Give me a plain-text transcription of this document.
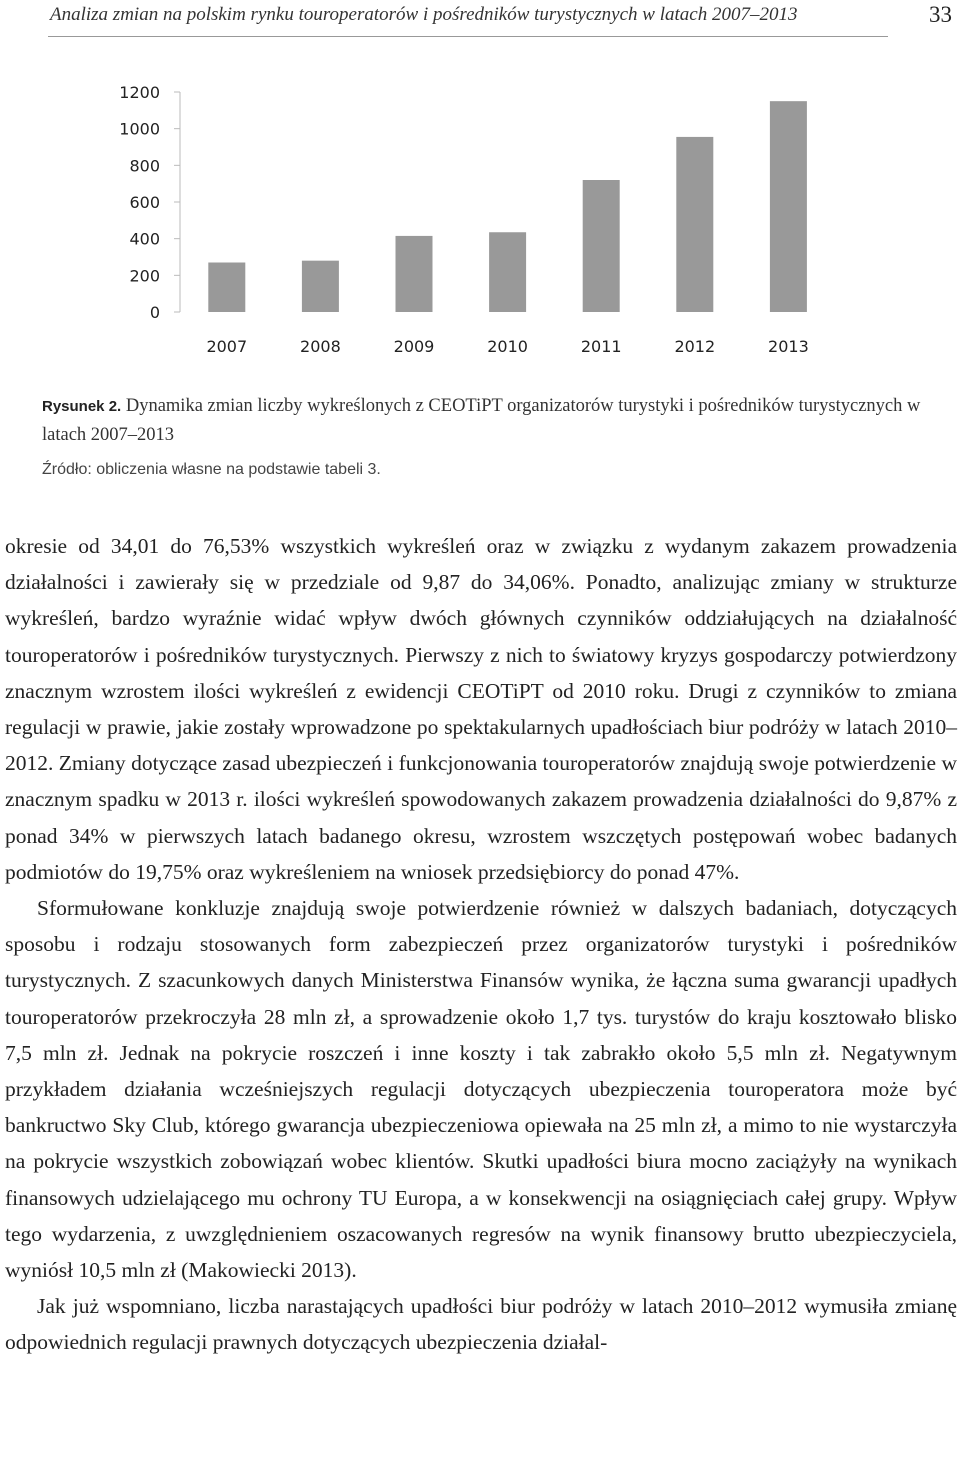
Analiza zmian na polskim rynku touroperatorów i pośredników turystycznych w latach 2007–2013	33
0
200
400
600
800
1000
1200
2007	2008	2009	2010	2011	2012	2013
Rysunek 2. Dynamika zmian liczby wykreślonych z CEOTiPT organizatorów turystyki i pośredników turystycznych w latach 2007–2013
Źródło: obliczenia własne na podstawie tabeli 3.

okresie od 34,01 do 76,53% wszystkich wykreśleń oraz w związku z wydanym zakazem prowadzenia działalności i zawierały się w przedziale od 9,87 do 34,06%. Ponadto, analizując zmiany w strukturze wykreśleń, bardzo wyraźnie widać wpływ dwóch głównych czynników oddziałujących na działalność touroperatorów i pośredników turystycznych. Pierwszy z nich to światowy kryzys gospodarczy potwierdzony znacznym wzrostem ilości wykreśleń z ewidencji CEOTiPT od 2010 roku. Drugi z czynników to zmiana regulacji w prawie, jakie zostały wprowadzone po spektakularnych upadłościach biur podróży w latach 2010–2012. Zmiany dotyczące zasad ubezpieczeń i funkcjonowania touroperatorów znajdują swoje potwierdzenie w znacznym spadku w 2013 r. ilości wykreśleń spowodowanych zakazem prowadzenia działalności do 9,87% z ponad 34% w pierwszych latach badanego okresu, wzrostem wszczętych postępowań wobec badanych podmiotów do 19,75% oraz wykreśleniem na wniosek przedsiębiorcy do ponad 47%.

Sformułowane konkluzje znajdują swoje potwierdzenie również w dalszych badaniach, dotyczących sposobu i rodzaju stosowanych form zabezpieczeń przez organizatorów turystyki i pośredników turystycznych. Z szacunkowych danych Ministerstwa Finansów wynika, że łączna suma gwarancji upadłych touroperatorów przekroczyła 28 mln zł, a sprowadzenie około 1,7 tys. turystów do kraju kosztowało blisko 7,5 mln zł. Jednak na pokrycie roszczeń i inne koszty i tak zabrakło około 5,5 mln zł. Negatywnym przykładem działania wcześniejszych regulacji dotyczących ubezpieczenia touroperatora może być bankructwo Sky Club, którego gwarancja ubezpieczeniowa opiewała na 25 mln zł, a mimo to nie wystarczyła na pokrycie wszystkich zobowiązań wobec klientów. Skutki upadłości biura mocno zaciążyły na wynikach finansowych udzielającego mu ochrony TU Europa, a w konsekwencji na osiągnięciach całej grupy. Wpływ tego wydarzenia, z uwzględnieniem oszacowanych regresów na wynik finansowy brutto ubezpieczyciela, wyniósł 10,5 mln zł (Makowiecki 2013).

Jak już wspomniano, liczba narastających upadłości biur podróży w latach 2010–2012 wymusiła zmianę odpowiednich regulacji prawnych dotyczących ubezpieczenia działal-
